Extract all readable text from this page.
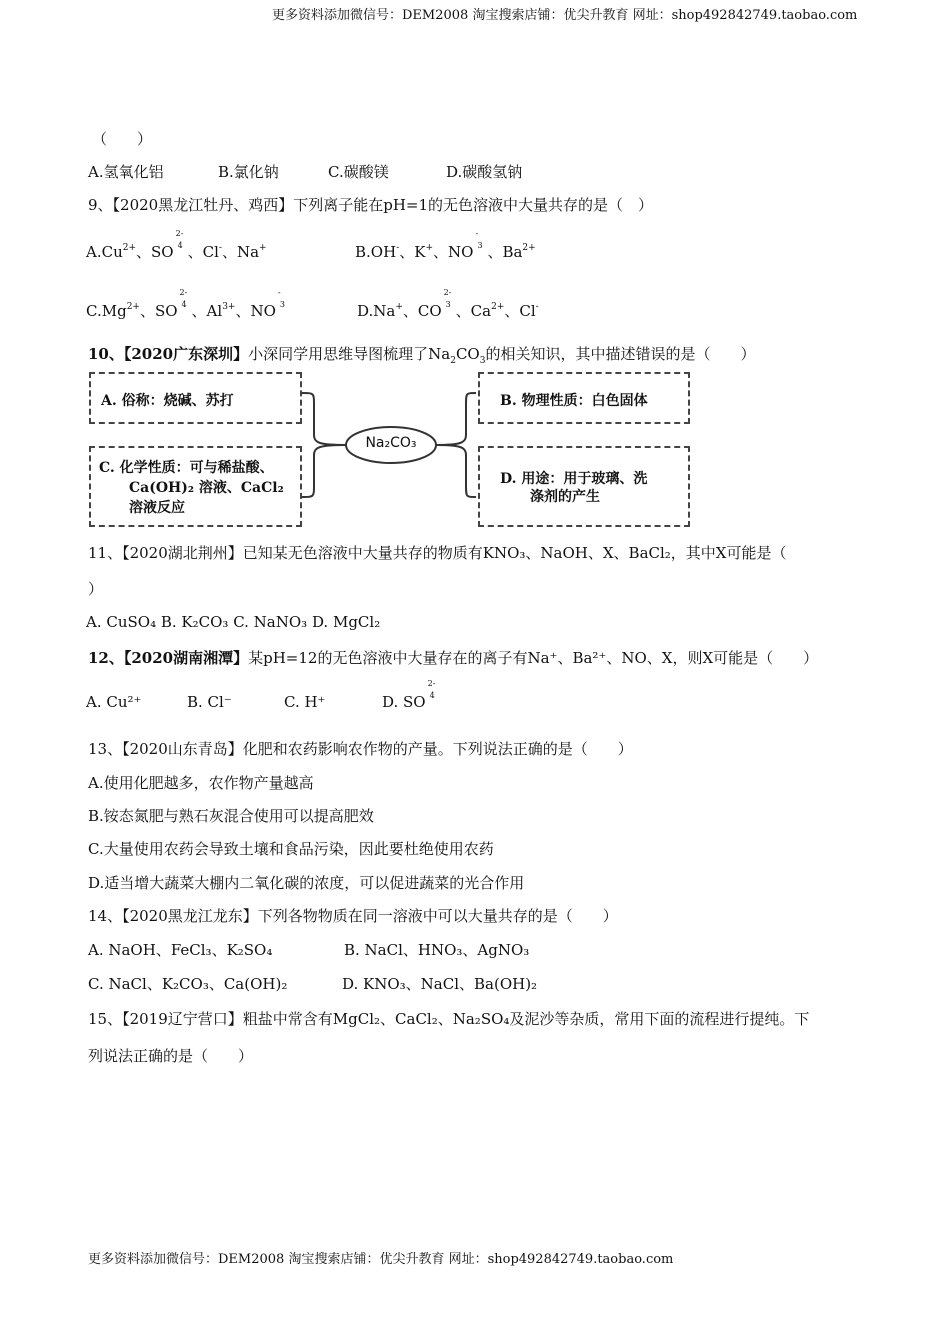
更多资料添加微信号：DEM2008 淘宝搜索店铺：优尖升教育 网址：shop492842749.taobao.com
（　　）
A.氢氧化铝	B.氯化钠	C.碳酸镁	D.碳酸氢钠
9、【2020黑龙江牡丹、鸡西】下列离子能在pH=1的无色溶液中大量共存的是（　）
$A.Cu^{2+}$、SO
2-
4 、Cl-、Na+	B.OH-、K+、NO
-
3 、$Ba^{2+}$
$C.Mg^{2+}$、SO
2-
4 、$Al^{3+}$、NO
-
3	D.Na+、CO
2-
3 、$Ca^{2+}$、Cl-
10、【2020广东深圳】小深同学用思维导图梳理了$Na_2CO_3$的相关知识，其中描述错误的是（　　）
Na₂CO₃
A. 俗称：烧碱、苏打	B. 物理性质：白色固体
C. 化学性质：可与稀盐酸、
Ca(OH)₂ 溶液、CaCl₂
溶液反应
D. 用途：用于玻璃、洗
涤剂的产生
11、【2020湖北荆州】已知某无色溶液中大量共存的物质有KNO₃、NaOH、X、BaCl₂，其中X可能是（
）
A. CuSO₄ B. K₂CO₃ C. NaNO₃ D. MgCl₂
12、【2020湖南湘潭】某pH=12的无色溶液中大量存在的离子有Na⁺、Ba²⁺、NO、X，则X可能是（　　）
A. Cu²⁺	B. Cl⁻	C. H⁺	D. SO
2-
4
13、【2020山东青岛】化肥和农药影响农作物的产量。下列说法正确的是（　　）
A.使用化肥越多，农作物产量越高
B.铵态氮肥与熟石灰混合使用可以提高肥效
C.大量使用农药会导致土壤和食品污染，因此要杜绝使用农药
D.适当增大蔬菜大棚内二氧化碳的浓度，可以促进蔬菜的光合作用
14、【2020黑龙江龙东】下列各物物质在同一溶液中可以大量共存的是（　　）
A. NaOH、FeCl₃、K₂SO₄	B. NaCl、HNO₃、AgNO₃
C. NaCl、K₂CO₃、Ca(OH)₂	D. KNO₃、NaCl、Ba(OH)₂
15、【2019辽宁营口】粗盐中常含有MgCl₂、CaCl₂、Na₂SO₄及泥沙等杂质，常用下面的流程进行提纯。下
列说法正确的是（　　）
更多资料添加微信号：DEM2008 淘宝搜索店铺：优尖升教育 网址：shop492842749.taobao.com
